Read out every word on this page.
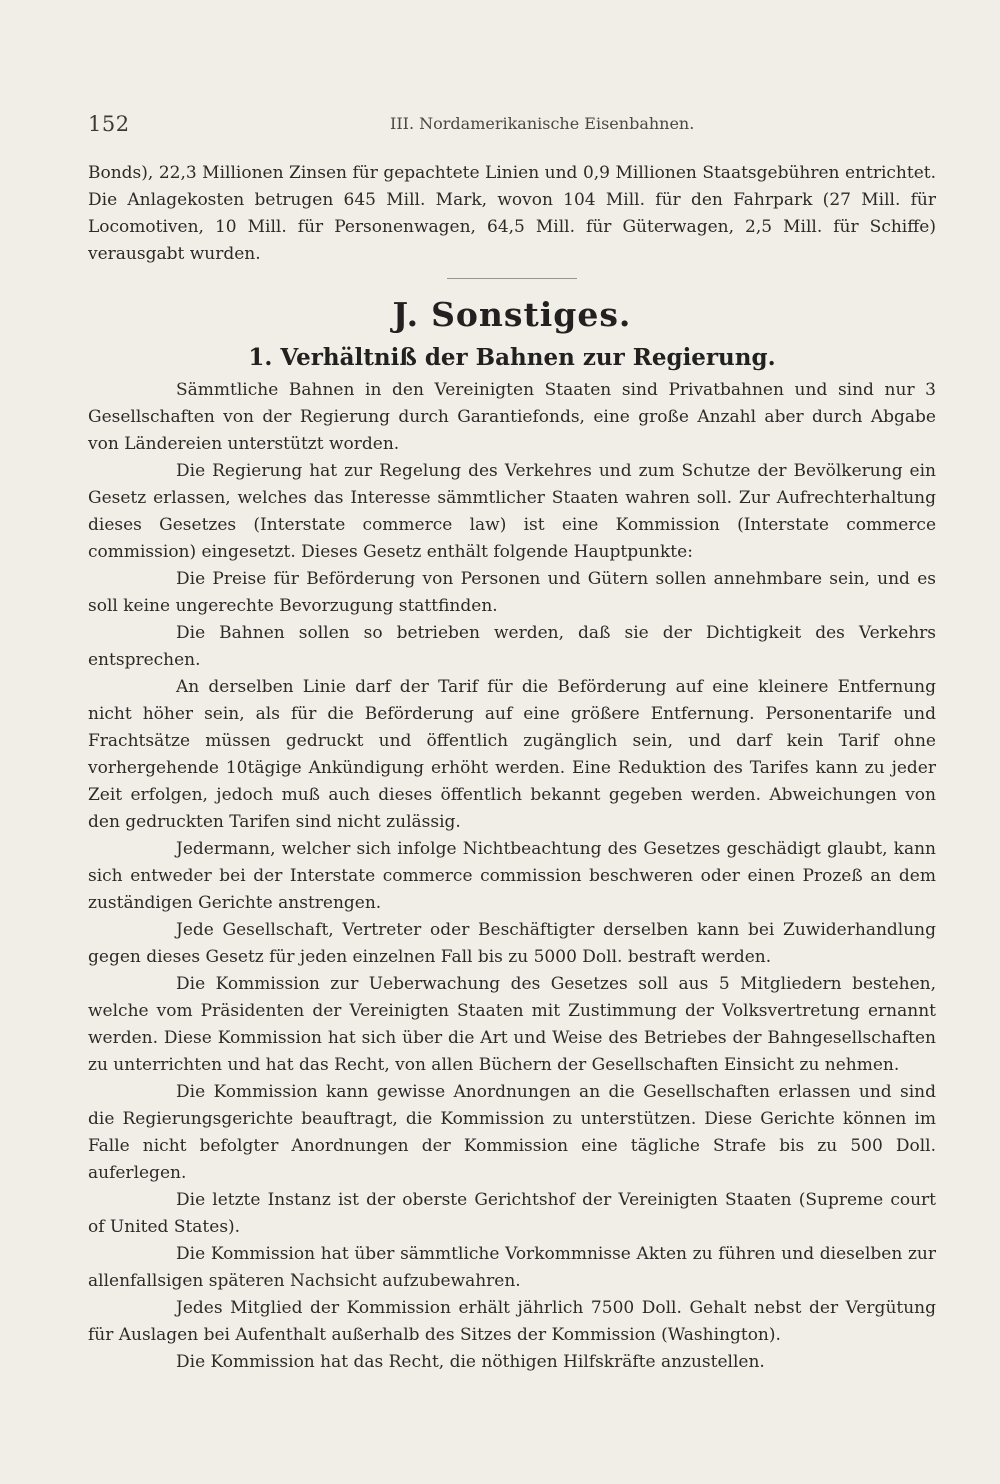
152	III. Nordamerikanische Eisenbahnen.

Bonds), 22,3 Millionen Zinsen für gepachtete Linien und 0,9 Millionen Staatsgebühren entrichtet. Die Anlagekosten betrugen 645 Mill. Mark, wovon 104 Mill. für den Fahrpark (27 Mill. für Locomotiven, 10 Mill. für Personenwagen, 64,5 Mill. für Güterwagen, 2,5 Mill. für Schiffe) verausgabt wurden.

J. Sonstiges.
1. Verhältniß der Bahnen zur Regierung.

Sämmtliche Bahnen in den Vereinigten Staaten sind Privatbahnen und sind nur 3 Gesellschaften von der Regierung durch Garantiefonds, eine große Anzahl aber durch Abgabe von Ländereien unterstützt worden.

Die Regierung hat zur Regelung des Verkehres und zum Schutze der Bevölkerung ein Gesetz erlassen, welches das Interesse sämmtlicher Staaten wahren soll. Zur Aufrechterhaltung dieses Gesetzes (Interstate commerce law) ist eine Kommission (Interstate commerce commission) eingesetzt. Dieses Gesetz enthält folgende Hauptpunkte:

Die Preise für Beförderung von Personen und Gütern sollen annehmbare sein, und es soll keine ungerechte Bevorzugung stattfinden.

Die Bahnen sollen so betrieben werden, daß sie der Dichtigkeit des Verkehrs entsprechen.

An derselben Linie darf der Tarif für die Beförderung auf eine kleinere Entfernung nicht höher sein, als für die Beförderung auf eine größere Entfernung. Personentarife und Frachtsätze müssen gedruckt und öffentlich zugänglich sein, und darf kein Tarif ohne vorhergehende 10tägige Ankündigung erhöht werden. Eine Reduktion des Tarifes kann zu jeder Zeit erfolgen, jedoch muß auch dieses öffentlich bekannt gegeben werden. Abweichungen von den gedruckten Tarifen sind nicht zulässig.

Jedermann, welcher sich infolge Nichtbeachtung des Gesetzes geschädigt glaubt, kann sich entweder bei der Interstate commerce commission beschweren oder einen Prozeß an dem zuständigen Gerichte anstrengen.

Jede Gesellschaft, Vertreter oder Beschäftigter derselben kann bei Zuwiderhandlung gegen dieses Gesetz für jeden einzelnen Fall bis zu 5000 Doll. bestraft werden.

Die Kommission zur Ueberwachung des Gesetzes soll aus 5 Mitgliedern bestehen, welche vom Präsidenten der Vereinigten Staaten mit Zustimmung der Volksvertretung ernannt werden. Diese Kommission hat sich über die Art und Weise des Betriebes der Bahngesellschaften zu unterrichten und hat das Recht, von allen Büchern der Gesellschaften Einsicht zu nehmen.

Die Kommission kann gewisse Anordnungen an die Gesellschaften erlassen und sind die Regierungsgerichte beauftragt, die Kommission zu unterstützen. Diese Gerichte können im Falle nicht befolgter Anordnungen der Kommission eine tägliche Strafe bis zu 500 Doll. auferlegen.

Die letzte Instanz ist der oberste Gerichtshof der Vereinigten Staaten (Supreme court of United States).

Die Kommission hat über sämmtliche Vorkommnisse Akten zu führen und dieselben zur allenfallsigen späteren Nachsicht aufzubewahren.

Jedes Mitglied der Kommission erhält jährlich 7500 Doll. Gehalt nebst der Vergütung für Auslagen bei Aufenthalt außerhalb des Sitzes der Kommission (Washington).

Die Kommission hat das Recht, die nöthigen Hilfskräfte anzustellen.
